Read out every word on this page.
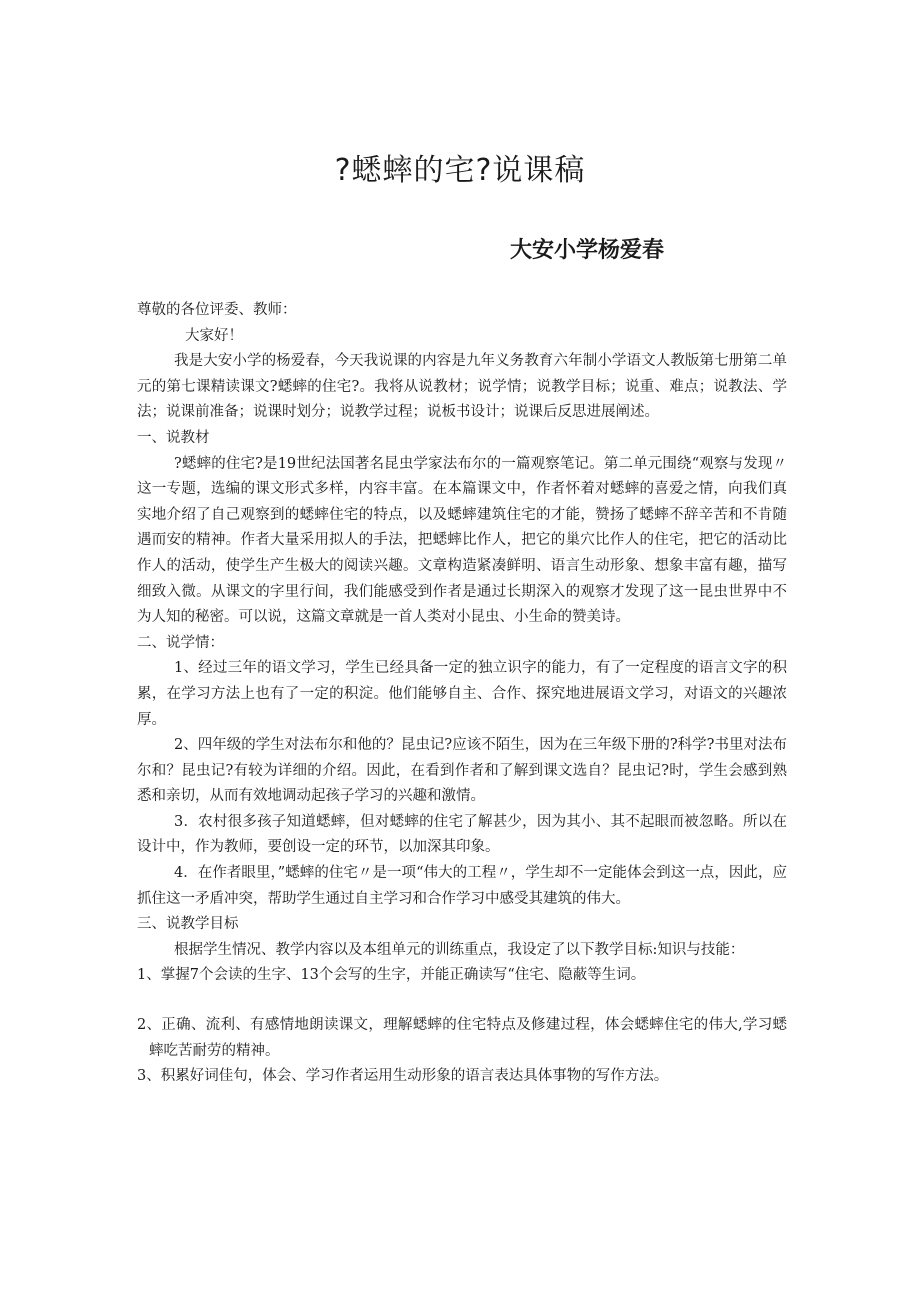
?蟋蟀的宅?说课稿
大安小学杨爱春

尊敬的各位评委、教师：

大家好！

我是大安小学的杨爱春，今天我说课的内容是九年义务教育六年制小学语文人教版第七册第二单元的第七课精读课文?蟋蟀的住宅?。我将从说教材；说学情；说教学目标；说重、难点；说教法、学法；说课前准备；说课时划分；说教学过程；说板书设计；说课后反思进展阐述。

一、说教材

?蟋蟀的住宅?是19世纪法国著名昆虫学家法布尔的一篇观察笔记。第二单元围绕“观察与发现〃这一专题，选编的课文形式多样，内容丰富。在本篇课文中，作者怀着对蟋蟀的喜爱之情，向我们真实地介绍了自己观察到的蟋蟀住宅的特点，以及蟋蟀建筑住宅的才能，赞扬了蟋蟀不辞辛苦和不肯随遇而安的精神。作者大量采用拟人的手法，把蟋蟀比作人，把它的巢穴比作人的住宅，把它的活动比作人的活动，使学生产生极大的阅读兴趣。文章构造紧凑鲜明、语言生动形象、想象丰富有趣，描写细致入微。从课文的字里行间，我们能感受到作者是通过长期深入的观察才发现了这一昆虫世界中不为人知的秘密。可以说，这篇文章就是一首人类对小昆虫、小生命的赞美诗。

二、说学情：

1、经过三年的语文学习，学生已经具备一定的独立识字的能力，有了一定程度的语言文字的积累，在学习方法上也有了一定的积淀。他们能够自主、合作、探究地进展语文学习，对语文的兴趣浓厚。

2、四年级的学生对法布尔和他的？昆虫记?应该不陌生，因为在三年级下册的?科学?书里对法布尔和？昆虫记?有较为详细的介绍。因此，在看到作者和了解到课文选自？昆虫记?时，学生会感到熟悉和亲切，从而有效地调动起孩子学习的兴趣和激情。

3．农村很多孩子知道蟋蟀，但对蟋蟀的住宅了解甚少，因为其小、其不起眼而被忽略。所以在设计中，作为教师，要创设一定的环节，以加深其印象。

4．在作者眼里，”蟋蟀的住宅〃是一项“伟大的工程〃，学生却不一定能体会到这一点，因此，应抓住这一矛盾冲突，帮助学生通过自主学习和合作学习中感受其建筑的伟大。

三、说教学目标

根据学生情况、教学内容以及本组单元的训练重点，我设定了以下教学目标:知识与技能：

1、掌握7个会读的生字、13个会写的生字，并能正确读写“住宅、隐蔽等生词。

2、正确、流利、有感情地朗读课文，理解蟋蟀的住宅特点及修建过程，体会蟋蟀住宅的伟大,学习蟋蟀吃苦耐劳的精神。

3、积累好词佳句，体会、学习作者运用生动形象的语言表达具体事物的写作方法。
